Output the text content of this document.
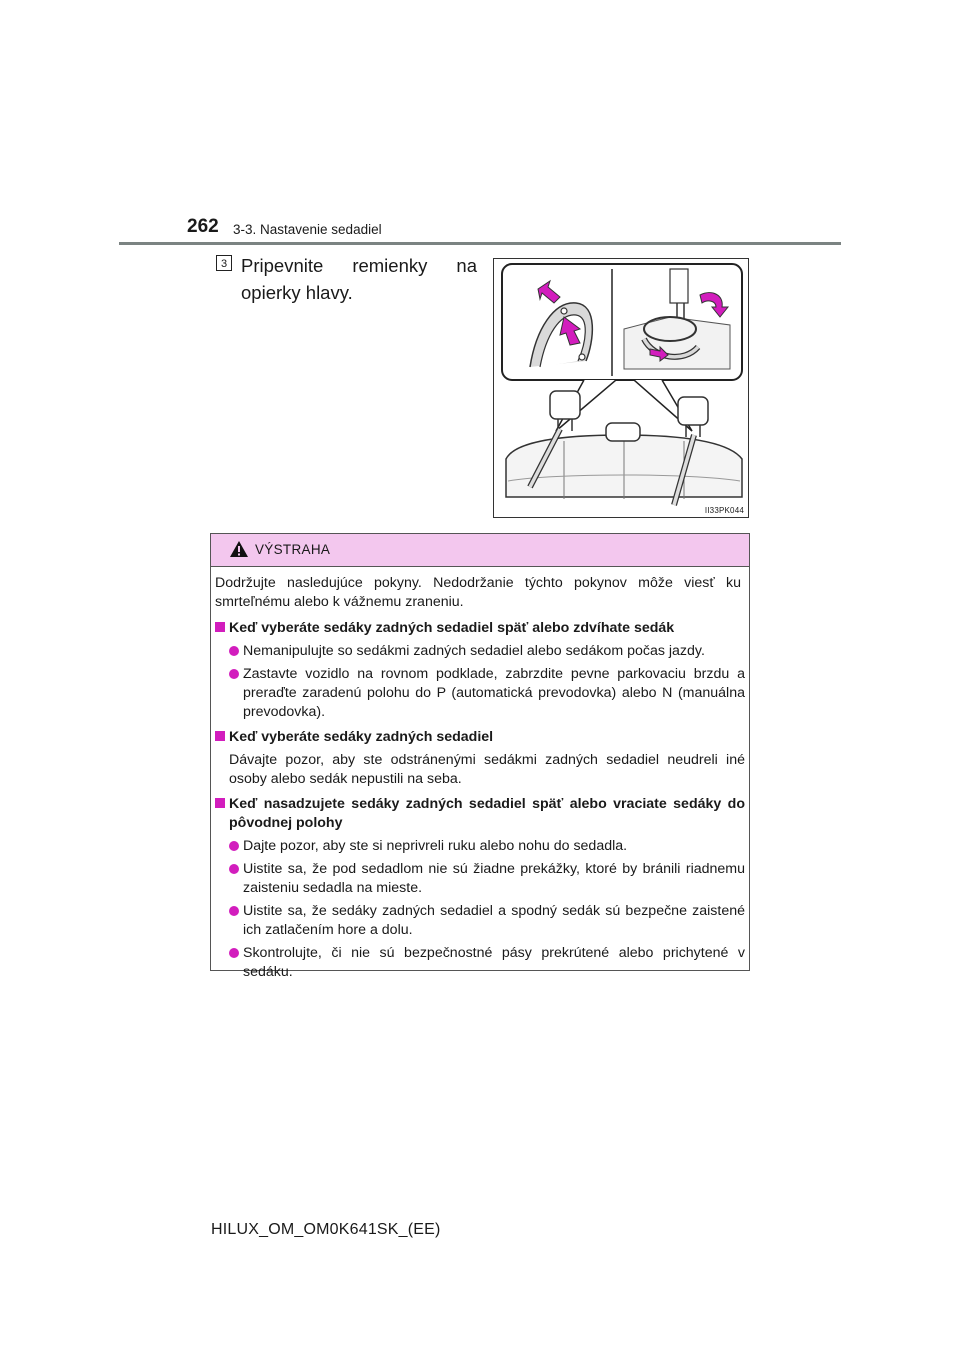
262 3-3. Nastavenie sedadiel
3 Pripevnite remienky na opierky hlavy.
II33PK044
VÝSTRAHA

Dodržujte nasledujúce pokyny. Nedodržanie týchto pokynov môže viesť ku smrteľnému alebo k vážnemu zraneniu.

Keď vyberáte sedáky zadných sedadiel späť alebo zdvíhate sedák
Nemanipulujte so sedákmi zadných sedadiel alebo sedákom počas jazdy.
Zastavte vozidlo na rovnom podklade, zabrzdite pevne parkovaciu brzdu a preraďte zaradenú polohu do P (automatická prevodovka) alebo N (manuálna prevodovka).
Keď vyberáte sedáky zadných sedadiel
Dávajte pozor, aby ste odstránenými sedákmi zadných sedadiel neudreli iné osoby alebo sedák nepustili na seba.
Keď nasadzujete sedáky zadných sedadiel späť alebo vraciate sedáky do pôvodnej polohy
Dajte pozor, aby ste si neprivreli ruku alebo nohu do sedadla.
Uistite sa, že pod sedadlom nie sú žiadne prekážky, ktoré by bránili riadnemu zaisteniu sedadla na mieste.
Uistite sa, že sedáky zadných sedadiel a spodný sedák sú bezpečne zaistené ich zatlačením hore a dolu.
Skontrolujte, či nie sú bezpečnostné pásy prekrútené alebo prichytené v sedáku.
HILUX_OM_OM0K641SK_(EE)
